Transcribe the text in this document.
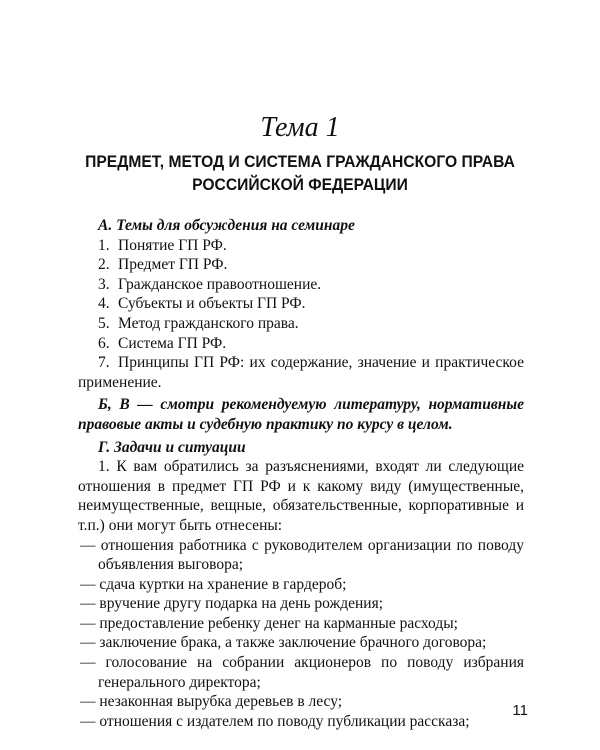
Тема 1
ПРЕДМЕТ, МЕТОД И СИСТЕМА ГРАЖДАНСКОГО ПРАВА
РОССИЙСКОЙ ФЕДЕРАЦИИ

А. Темы для обсуждения на семинаре

1. Понятие ГП РФ.
2. Предмет ГП РФ.
3. Гражданское правоотношение.
4. Субъекты и объекты ГП РФ.
5. Метод гражданского права.
6. Система ГП РФ.
7. Принципы ГП РФ: их содержание, значение и практическое применение.

Б, В — смотри рекомендуемую литературу, нормативные правовые акты и судебную практику по курсу в целом.

Г. Задачи и ситуации

1. К вам обратились за разъяснениями, входят ли следующие отношения в предмет ГП РФ и к какому виду (имущественные, неимущественные, вещные, обязательственные, корпоративные и т.п.) они могут быть отнесены:

— отношения работника с руководителем организации по поводу объявления выговора;
— сдача куртки на хранение в гардероб;
— вручение другу подарка на день рождения;
— предоставление ребенку денег на карманные расходы;
— заключение брака, а также заключение брачного договора;
— голосование на собрании акционеров по поводу избрания генерального директора;
— незаконная вырубка деревьев в лесу;
— отношения с издателем по поводу публикации рассказа;
11
